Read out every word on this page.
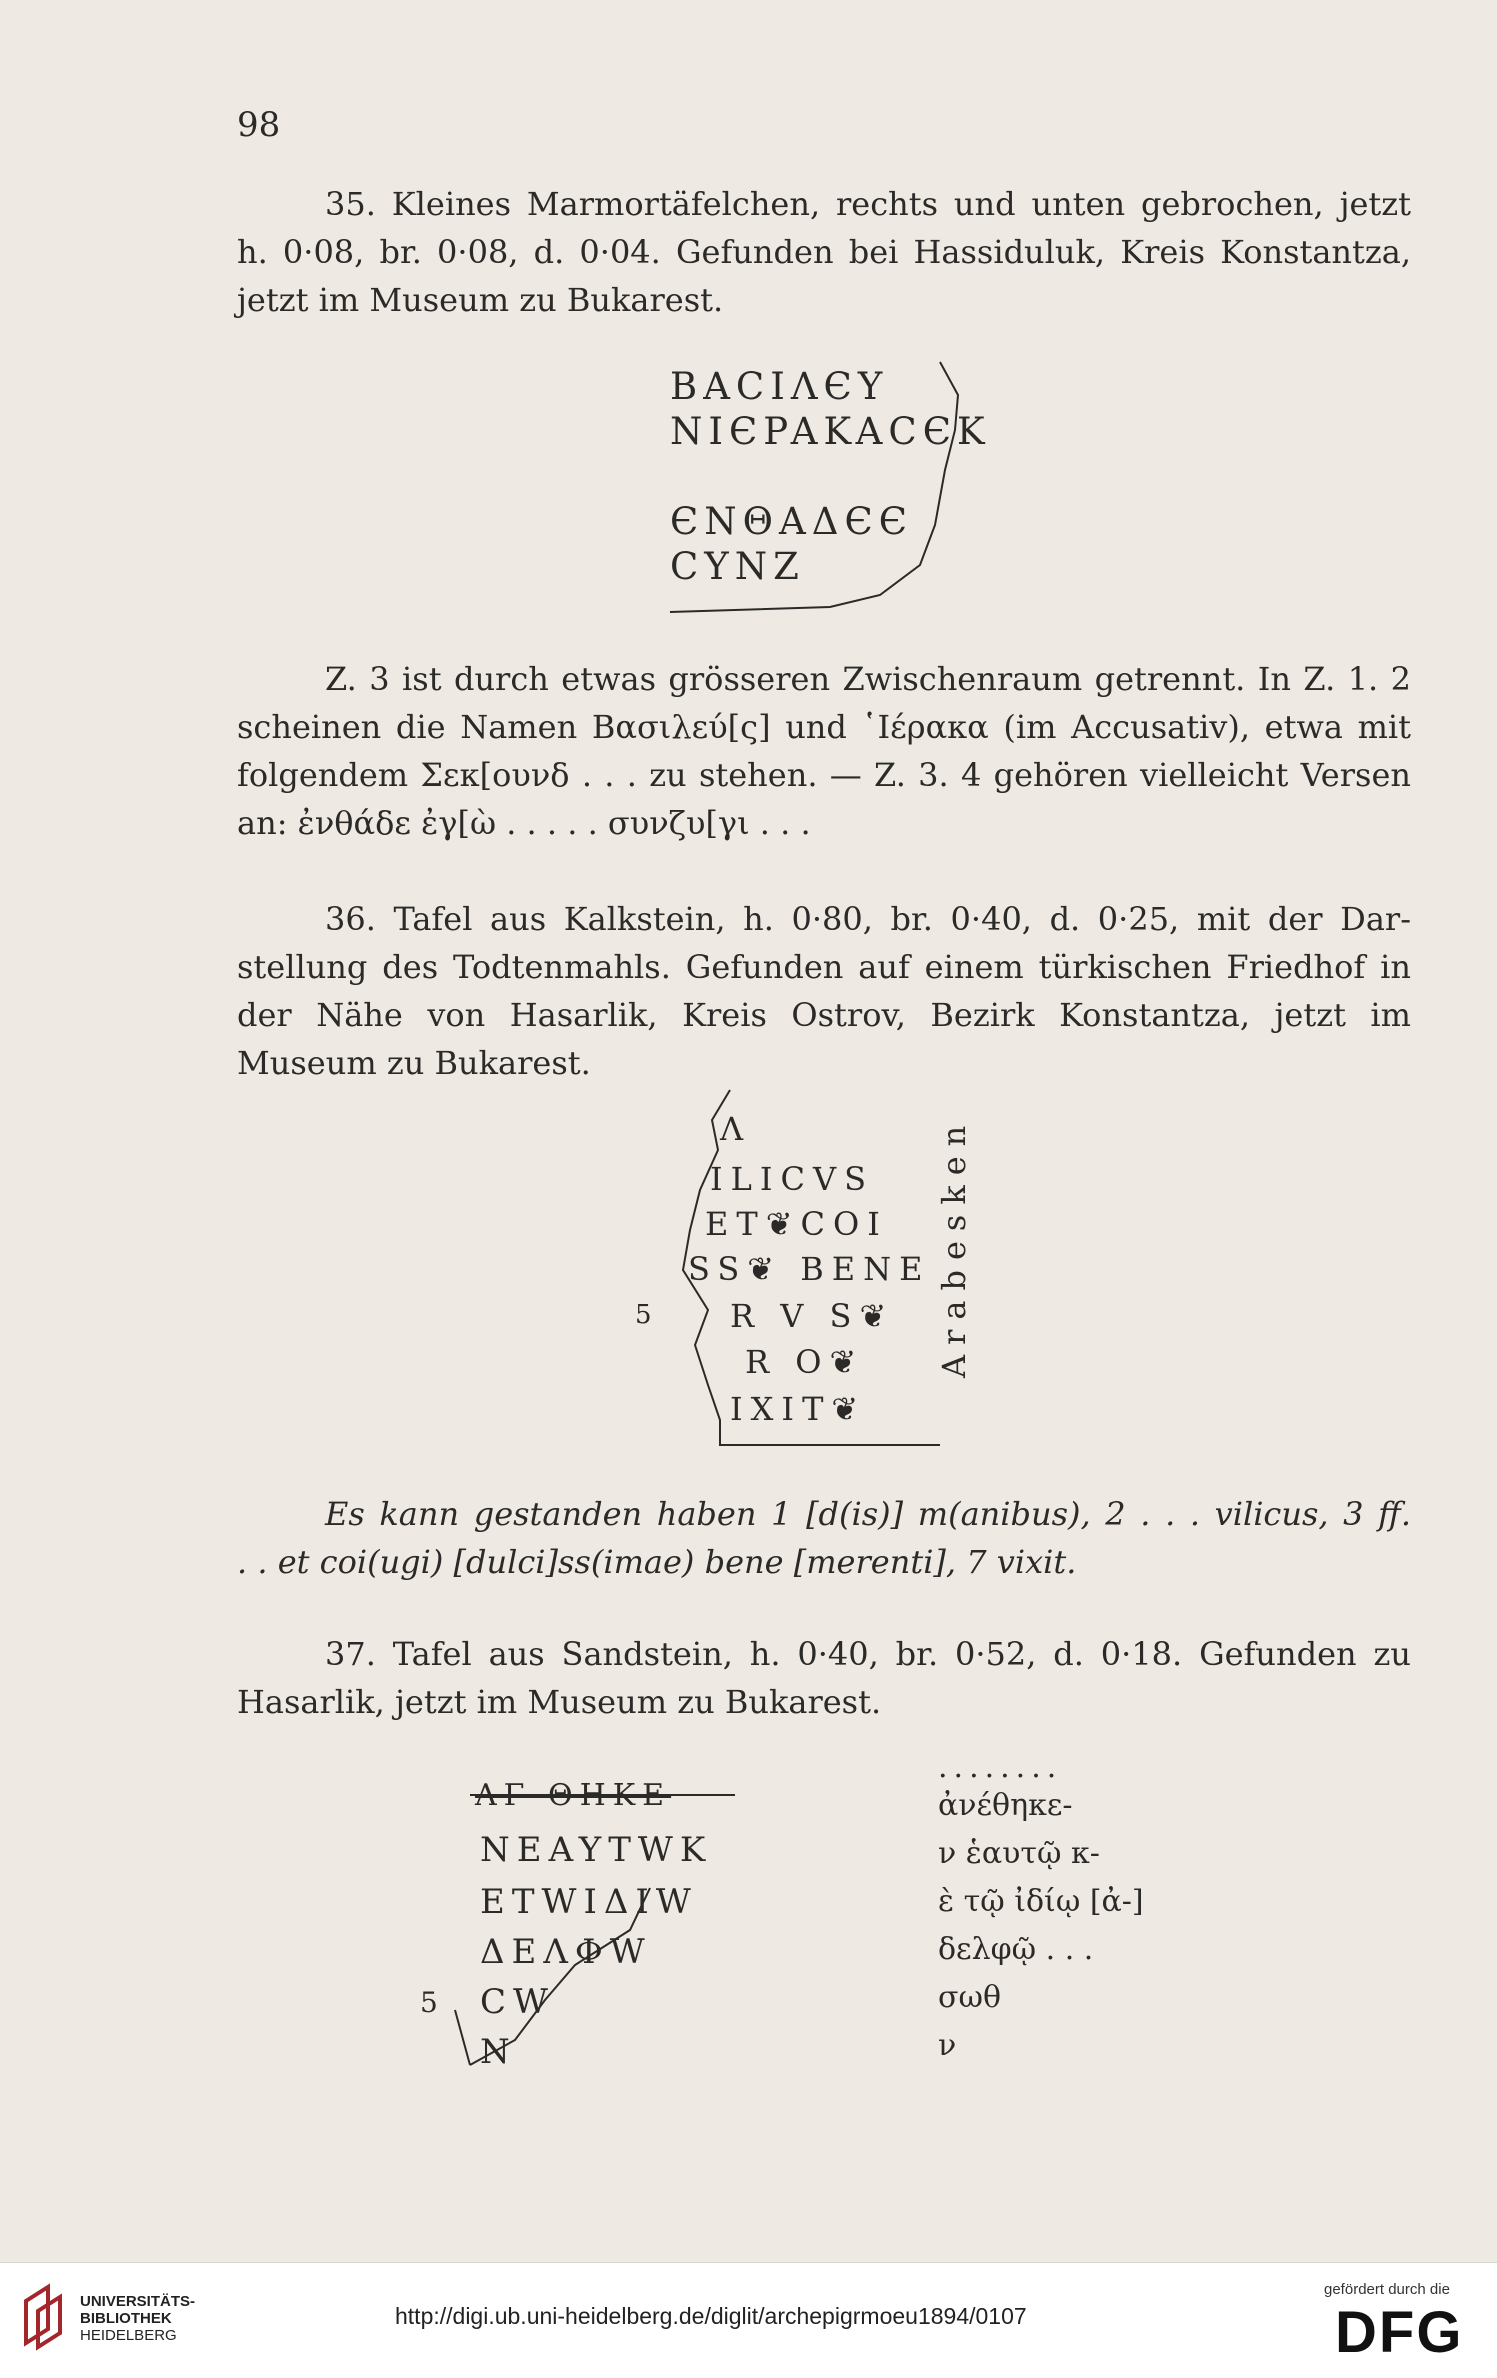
98
35. Kleines Marmortäfelchen, rechts und unten gebrochen, jetzt
h. 0·08, br. 0·08, d. 0·04. Gefunden bei Hassiduluk, Kreis Konstantza,
jetzt im Museum zu Bukarest.
BACIΛЄY
NIЄPAKACЄK
ЄNΘAΔЄЄ
CYNZ
Z. 3 ist durch etwas grösseren Zwischenraum getrennt. In Z. 1. 2
scheinen die Namen Βασιλεύ[ς] und ῾Ιέρακα (im Accusativ), etwa mit
folgendem Σεκ[ουνδ . . . zu stehen. — Z. 3. 4 gehören vielleicht Versen
an: ἐνθάδε ἐγ[ὼ . . . . . συνζυ[γι . . .
36. Tafel aus Kalkstein, h. 0·80, br. 0·40, d. 0·25, mit der Dar-
stellung des Todtenmahls. Gefunden auf einem türkischen Friedhof in
der Nähe von Hasarlik, Kreis Ostrov, Bezirk Konstantza, jetzt im
Museum zu Bukarest.
Λ
ILICVS
ET❦COI
SS❦ BENE
R V S❦
R O❦
IXIT❦
5	Arabesken
Es kann gestanden haben 1 [d(is)] m(anibus), 2 . . . vilicus, 3 ff.
. . et coi(ugi) [dulci]ss(imae) bene [merenti], 7 vixit.
37. Tafel aus Sandstein, h. 0·40, br. 0·52, d. 0·18. Gefunden zu
Hasarlik, jetzt im Museum zu Bukarest.
ΛΓ ΘΗΚΕ
NEAYTWK
ETWIΔIW
ΔEΛΦW
CW
N
5
........
ἀνέθηκε-
ν ἑαυτῷ κ-
ὲ τῷ ἰδίῳ [ἀ-]
δελφῷ . . .
σωθ
ν
UNIVERSITÄTS-
BIBLIOTHEK
HEIDELBERG
http://digi.ub.uni-heidelberg.de/diglit/archepigrmoeu1894/0107
gefördert durch die
DFG
